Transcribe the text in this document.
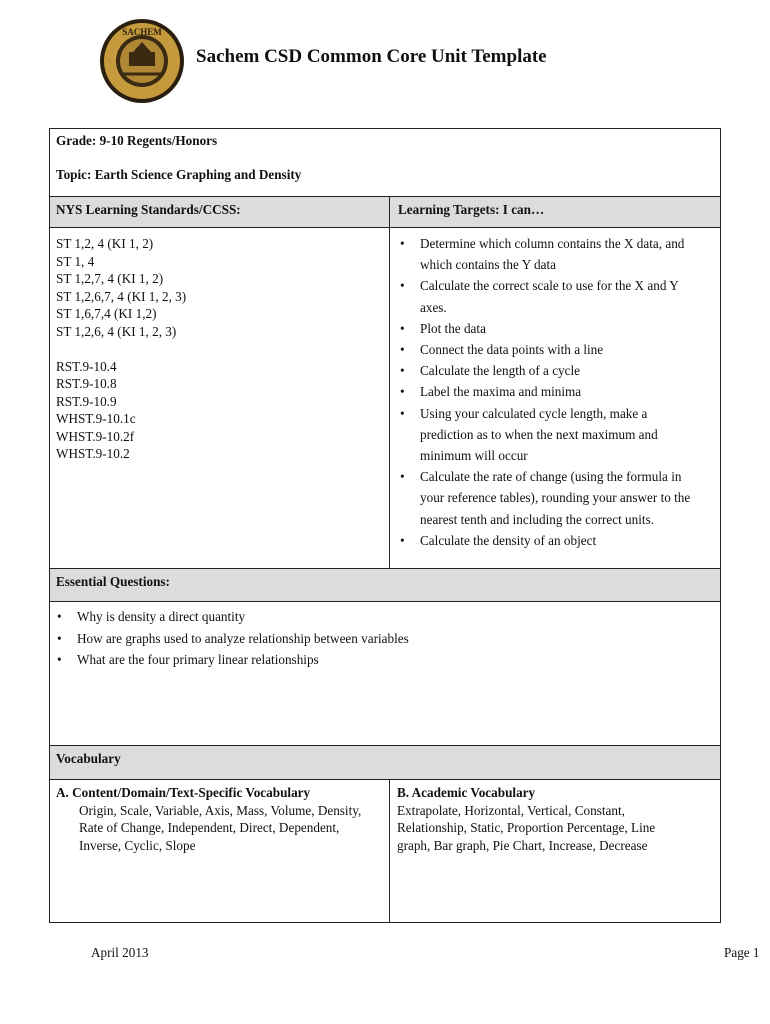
SACHEM
Sachem CSD Common Core Unit Template
Grade: 9-10 Regents/Honors
Topic: Earth Science Graphing and Density
NYS Learning Standards/CCSS:	Learning Targets: I can…
ST 1,2, 4 (KI 1, 2)
ST 1, 4
ST 1,2,7, 4 (KI 1, 2)
ST 1,2,6,7, 4 (KI 1, 2, 3)
ST 1,6,7,4 (KI 1,2)
ST 1,2,6, 4 (KI 1, 2, 3)
RST.9-10.4
RST.9-10.8
RST.9-10.9
WHST.9-10.1c
WHST.9-10.2f
WHST.9-10.2
• Determine which column contains the X data, and which contains the Y data
• Calculate the correct scale to use for the X and Y axes.
• Plot the data
• Connect the data points with a line
• Calculate the length of a cycle
• Label the maxima and minima
• Using your calculated cycle length, make a prediction as to when the next maximum and minimum will occur
• Calculate the rate of change (using the formula in your reference tables), rounding your answer to the nearest tenth and including the correct units.
• Calculate the density of an object
Essential Questions:
• Why is density a direct quantity
• How are graphs used to analyze relationship between variables
• What are the four primary linear relationships
Vocabulary
A. Content/Domain/Text-Specific Vocabulary
Origin, Scale, Variable, Axis, Mass, Volume, Density, Rate of Change, Independent, Direct, Dependent, Inverse, Cyclic, Slope
B. Academic Vocabulary
Extrapolate, Horizontal, Vertical, Constant, Relationship, Static, Proportion Percentage, Line graph, Bar graph, Pie Chart, Increase, Decrease
April 2013	Page 1
